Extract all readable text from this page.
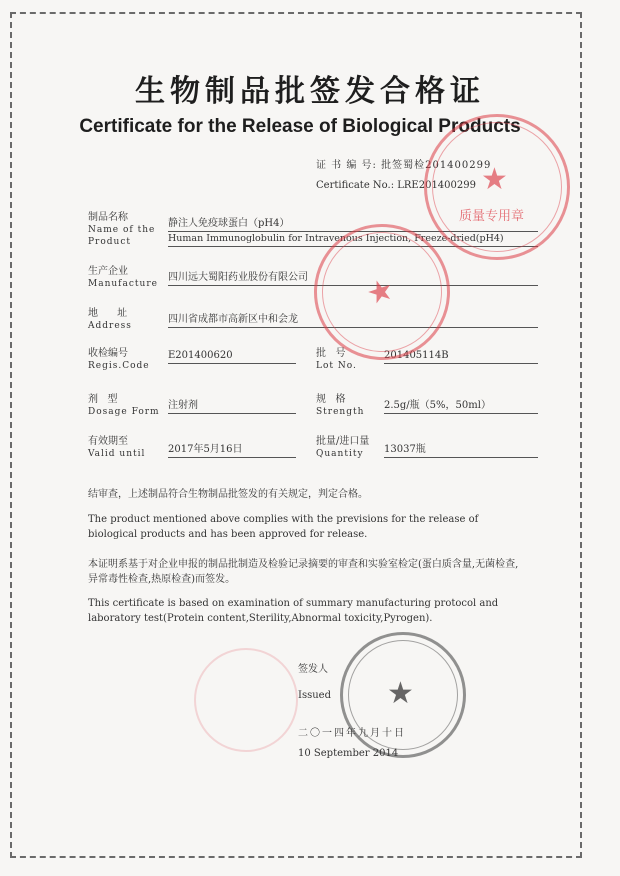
生物制品批签发合格证
Certificate for the Release of Biological Products
证 书 编 号: 批签蜀检201400299
Certificate No.: LRE201400299
制品名称
Name of the
Product
静注人免疫球蛋白（pH4）
Human Immunoglobulin for Intravenous Injection, Freeze-dried(pH4)
生产企业
Manufacture
四川远大蜀阳药业股份有限公司
地      址
Address
四川省成都市高新区中和会龙
收检编号
Regis.Code
E201400620	批   号
Lot No.
201405114B
剂   型
Dosage Form
注射剂
规   格
Strength
2.5g/瓶（5%，50ml）
有效期至
Valid until 2017年5月16日
批量/进口量
Quantity	13037瓶
结审查，上述制品符合生物制品批签发的有关规定，判定合格。
The product mentioned above complies with the previsions for the release of biological products and has been approved for release.
本证明系基于对企业申报的制品批制造及检验记录摘要的审查和实验室检定(蛋白质含量,无菌检查,异常毒性检查,热原检查)而签发。
This certificate is based on examination of summary manufacturing protocol and laboratory test(Protein content,Sterility,Abnormal toxicity,Pyrogen).
签发人
Issued
二〇一四年九月十日
10 September 2014
★
质量专用章
★
★
